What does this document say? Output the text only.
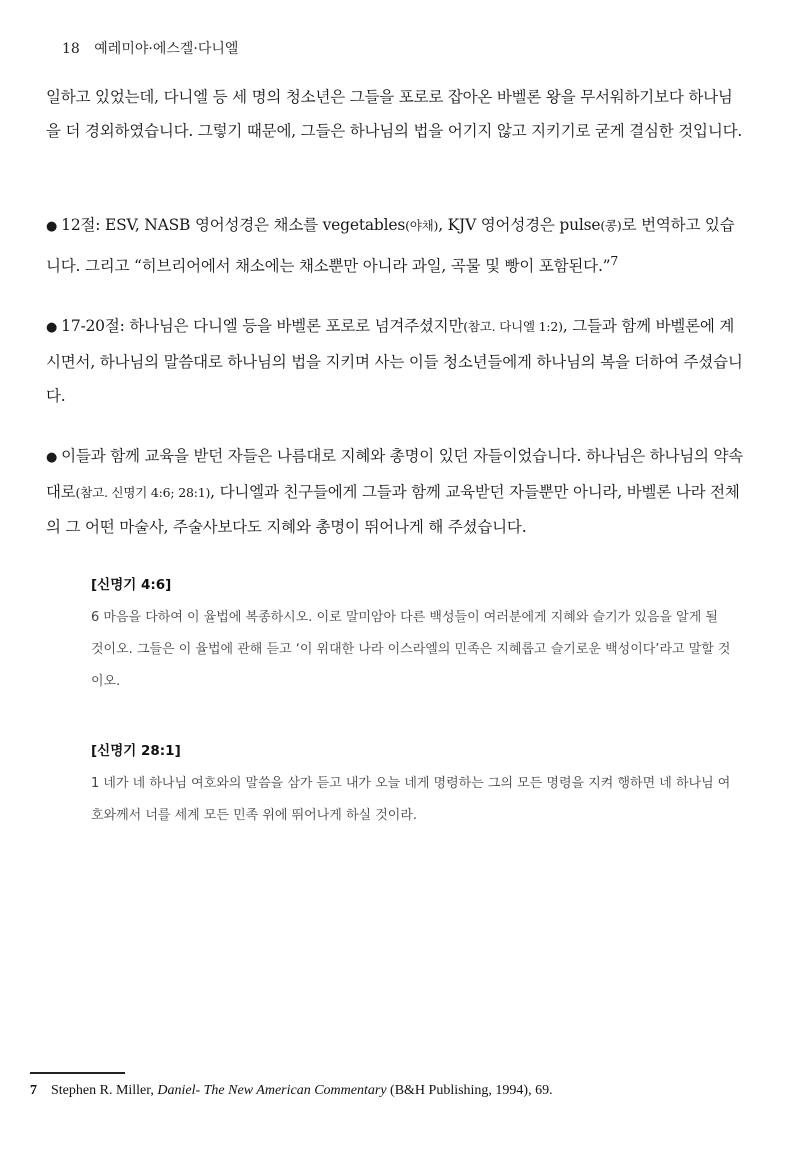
18 예레미야·에스겔·다니엘

일하고 있었는데, 다니엘 등 세 명의 청소년은 그들을 포로로 잡아온 바벨론 왕을 무서워하기보다 하나님을 더 경외하였습니다. 그렇기 때문에, 그들은 하나님의 법을 어기지 않고 지키기로 굳게 결심한 것입니다.

● 12절: ESV, NASB 영어성경은 채소를 vegetables(야채), KJV 영어성경은 pulse(콩)로 번역하고 있습니다. 그리고 “히브리어에서 채소에는 채소뿐만 아니라 과일, 곡물 및 빵이 포함된다.”$^7$

● 17-20절: 하나님은 다니엘 등을 바벨론 포로로 넘겨주셨지만(참고. 다니엘 1:2), 그들과 함께 바벨론에 계시면서, 하나님의 말씀대로 하나님의 법을 지키며 사는 이들 청소년들에게 하나님의 복을 더하여 주셨습니다.

● 이들과 함께 교육을 받던 자들은 나름대로 지혜와 총명이 있던 자들이었습니다. 하나님은 하나님의 약속대로(참고. 신명기 4:6; 28:1), 다니엘과 친구들에게 그들과 함께 교육받던 자들뿐만 아니라, 바벨론 나라 전체의 그 어떤 마술사, 주술사보다도 지혜와 총명이 뛰어나게 해 주셨습니다.

[신명기 4:6]

6 마음을 다하여 이 율법에 복종하시오. 이로 말미암아 다른 백성들이 여러분에게 지혜와 슬기가 있음을 알게 될 것이오. 그들은 이 율법에 관해 듣고 ‘이 위대한 나라 이스라엘의 민족은 지혜롭고 슬기로운 백성이다’라고 말할 것이오.

[신명기 28:1]

1 네가 네 하나님 여호와의 말씀을 삼가 듣고 내가 오늘 네게 명령하는 그의 모든 명령을 지켜 행하면 네 하나님 여호와께서 너를 세계 모든 민족 위에 뛰어나게 하실 것이라.

7 Stephen R. Miller, Daniel- The New American Commentary (B&H Publishing, 1994), 69.
